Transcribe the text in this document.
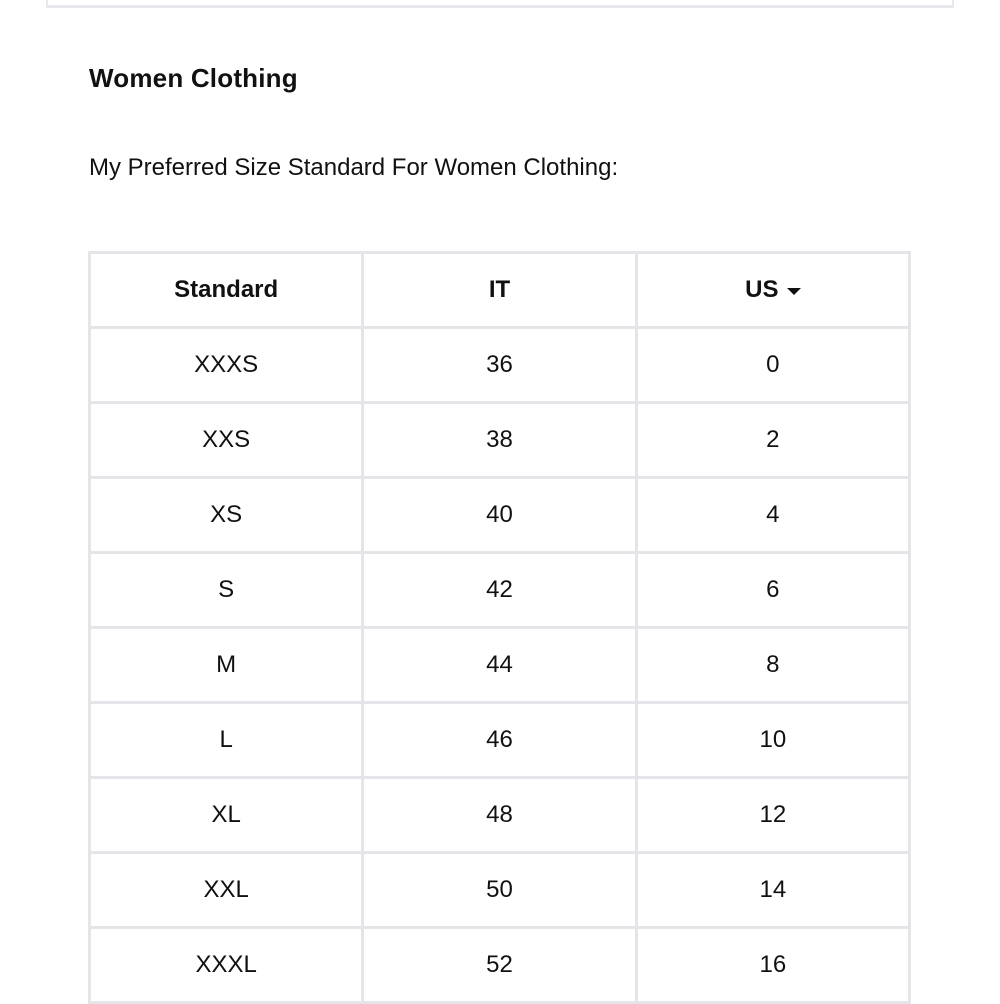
Women Clothing

My Preferred Size Standard For Women Clothing:

Standard	IT	US

XXXS	36	0
XXS	38	2
XS	40	4
S	42	6
M	44	8
L	46	10
XL	48	12
XXL	50	14
XXXL	52	16
